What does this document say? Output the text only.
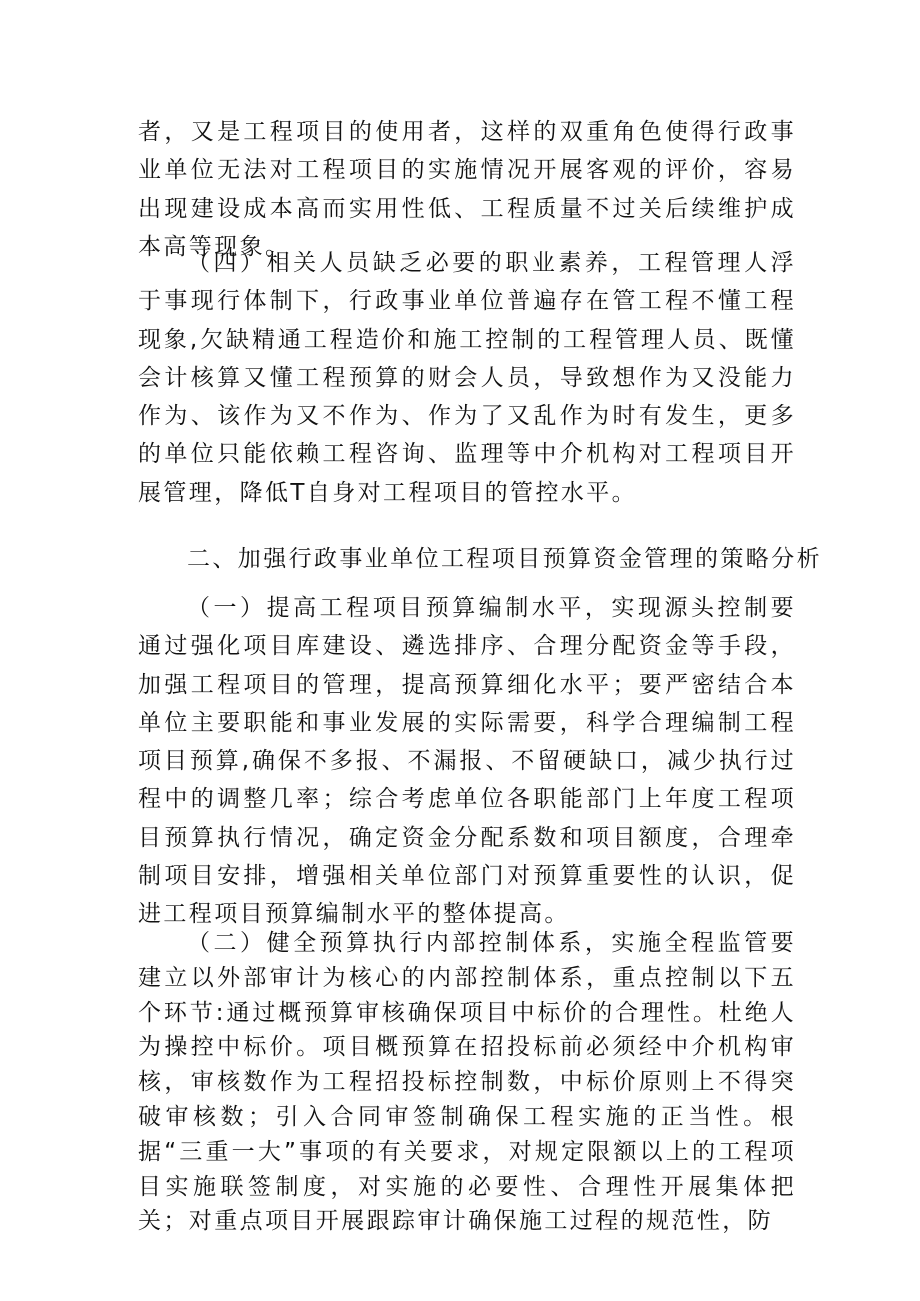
者，又是工程项目的使用者，这样的双重角色使得行政事业单位无法对工程项目的实施情况开展客观的评价，容易出现建设成本高而实用性低、工程质量不过关后续维护成本高等现象。

（四）相关人员缺乏必要的职业素养，工程管理人浮于事现行体制下，行政事业单位普遍存在管工程不懂工程现象,欠缺精通工程造价和施工控制的工程管理人员、既懂会计核算又懂工程预算的财会人员，导致想作为又没能力作为、该作为又不作为、作为了又乱作为时有发生，更多的单位只能依赖工程咨询、监理等中介机构对工程项目开展管理，降低T自身对工程项目的管控水平。

二、加强行政事业单位工程项目预算资金管理的策略分析

（一）提高工程项目预算编制水平，实现源头控制要通过强化项目库建设、遴选排序、合理分配资金等手段，加强工程项目的管理，提高预算细化水平；要严密结合本单位主要职能和事业发展的实际需要，科学合理编制工程项目预算,确保不多报、不漏报、不留硬缺口，减少执行过程中的调整几率；综合考虑单位各职能部门上年度工程项目预算执行情况，确定资金分配系数和项目额度，合理牵制项目安排，增强相关单位部门对预算重要性的认识，促进工程项目预算编制水平的整体提高。

（二）健全预算执行内部控制体系，实施全程监管要建立以外部审计为核心的内部控制体系，重点控制以下五个环节:通过概预算审核确保项目中标价的合理性。杜绝人为操控中标价。项目概预算在招投标前必须经中介机构审核，审核数作为工程招投标控制数，中标价原则上不得突破审核数；引入合同审签制确保工程实施的正当性。根据“三重一大”事项的有关要求，对规定限额以上的工程项目实施联签制度，对实施的必要性、合理性开展集体把关；对重点项目开展跟踪审计确保施工过程的规范性，防
